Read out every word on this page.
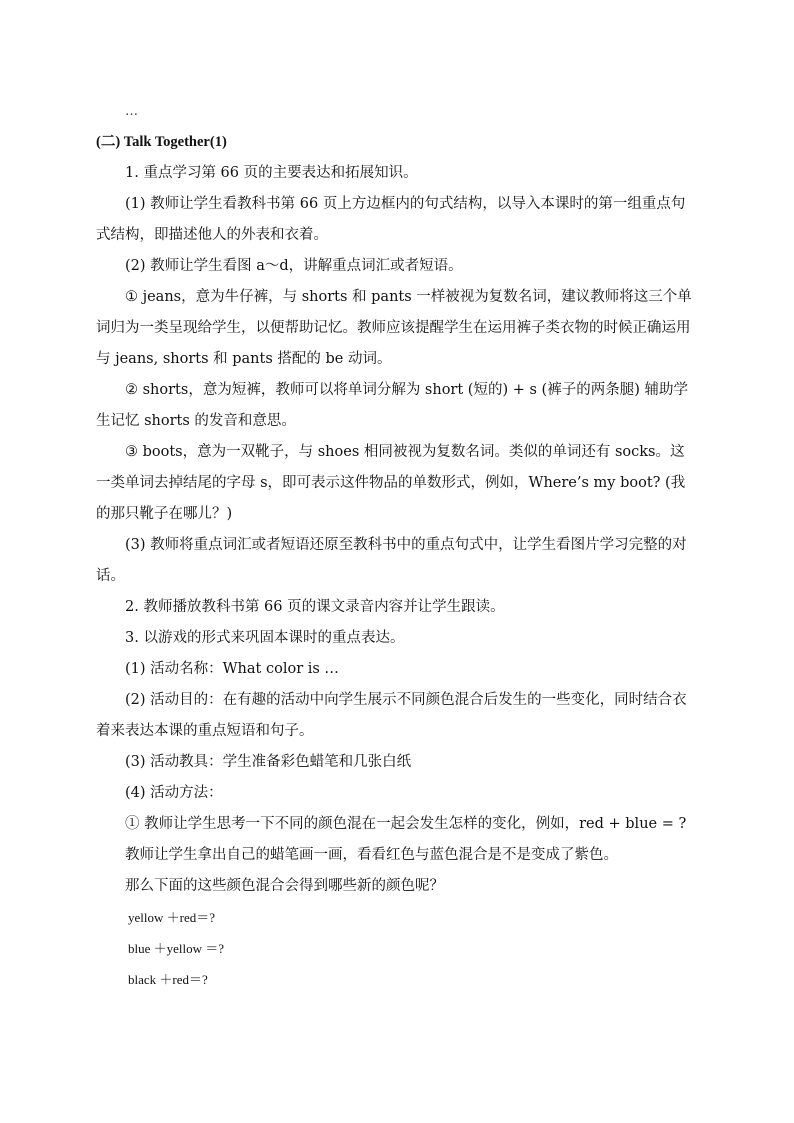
…
(二) Talk Together(1)
1. 重点学习第 66 页的主要表达和拓展知识。
(1) 教师让学生看教科书第 66 页上方边框内的句式结构，以导入本课时的第一组重点句式结构，即描述他人的外表和衣着。
(2) 教师让学生看图 a～d，讲解重点词汇或者短语。
① jeans，意为牛仔裤，与 shorts 和 pants 一样被视为复数名词，建议教师将这三个单词归为一类呈现给学生，以便帮助记忆。教师应该提醒学生在运用裤子类衣物的时候正确运用与 jeans, shorts 和 pants 搭配的 be 动词。
② shorts，意为短裤，教师可以将单词分解为 short (短的) + s (裤子的两条腿) 辅助学生记忆 shorts 的发音和意思。
③ boots，意为一双靴子，与 shoes 相同被视为复数名词。类似的单词还有 socks。这一类单词去掉结尾的字母 s，即可表示这件物品的单数形式，例如，Where’s my boot? (我的那只靴子在哪儿？)
(3) 教师将重点词汇或者短语还原至教科书中的重点句式中，让学生看图片学习完整的对话。
2. 教师播放教科书第 66 页的课文录音内容并让学生跟读。
3. 以游戏的形式来巩固本课时的重点表达。
(1) 活动名称：What color is …
(2) 活动目的：在有趣的活动中向学生展示不同颜色混合后发生的一些变化，同时结合衣着来表达本课的重点短语和句子。
(3) 活动教具：学生准备彩色蜡笔和几张白纸
(4) 活动方法：
① 教师让学生思考一下不同的颜色混在一起会发生怎样的变化，例如，red + blue = ?
教师让学生拿出自己的蜡笔画一画，看看红色与蓝色混合是不是变成了紫色。
那么下面的这些颜色混合会得到哪些新的颜色呢？
yellow ＋red＝?
blue ＋yellow ＝?
black ＋red＝?
